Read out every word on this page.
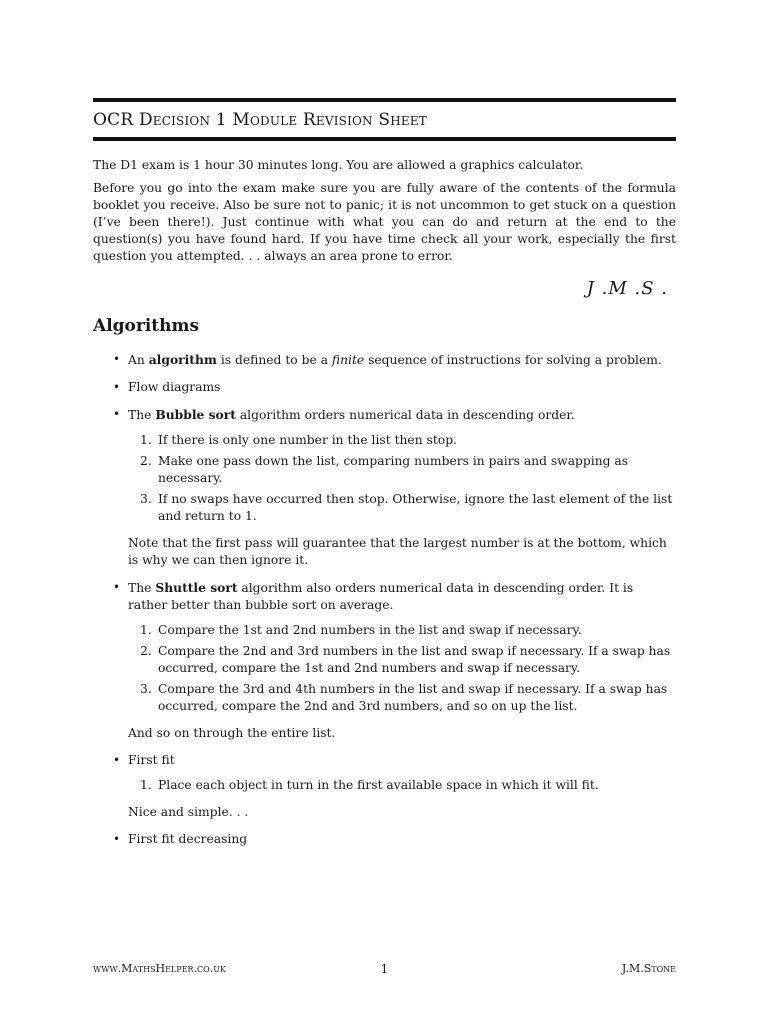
OCR Decision 1 Module Revision Sheet

The D1 exam is 1 hour 30 minutes long. You are allowed a graphics calculator.

Before you go into the exam make sure you are fully aware of the contents of the formula booklet you receive. Also be sure not to panic; it is not uncommon to get stuck on a question (I’ve been there!). Just continue with what you can do and return at the end to the question(s) you have found hard. If you have time check all your work, especially the first question you attempted. . . always an area prone to error.

J .M .S .
Algorithms
• An algorithm is defined to be a finite sequence of instructions for solving a problem.
• Flow diagrams
• The Bubble sort algorithm orders numerical data in descending order.
1. If there is only one number in the list then stop.
2. Make one pass down the list, comparing numbers in pairs and swapping as necessary.
3. If no swaps have occurred then stop. Otherwise, ignore the last element of the list and return to 1.

Note that the first pass will guarantee that the largest number is at the bottom, which is why we can then ignore it.

• The Shuttle sort algorithm also orders numerical data in descending order. It is rather better than bubble sort on average.
1. Compare the 1st and 2nd numbers in the list and swap if necessary.
2. Compare the 2nd and 3rd numbers in the list and swap if necessary. If a swap has occurred, compare the 1st and 2nd numbers and swap if necessary.
3. Compare the 3rd and 4th numbers in the list and swap if necessary. If a swap has occurred, compare the 2nd and 3rd numbers, and so on up the list.

And so on through the entire list.

• First fit
1. Place each object in turn in the first available space in which it will fit.

Nice and simple. . .

• First fit decreasing
www.MathsHelper.co.uk	1	J.M.Stone
